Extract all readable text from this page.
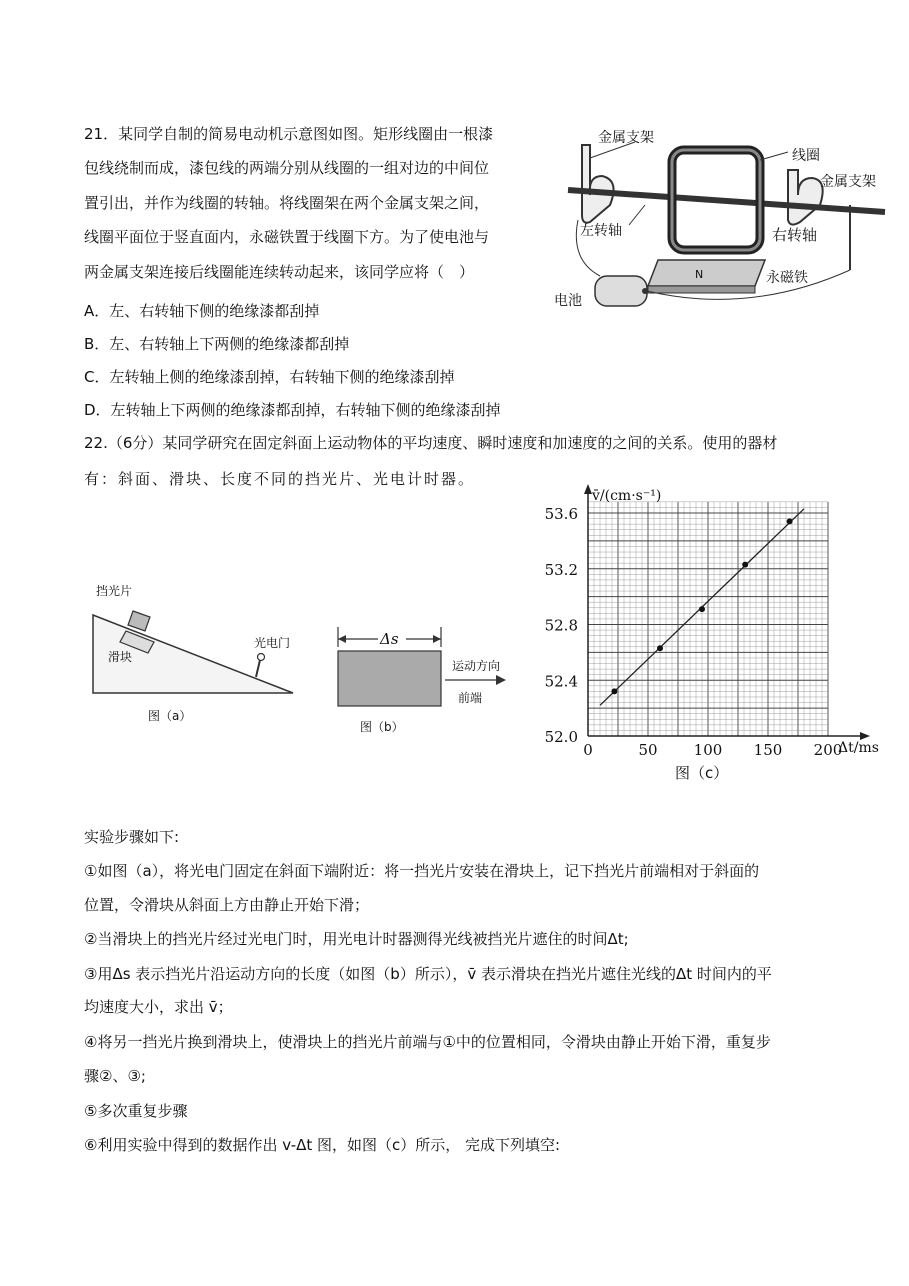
21．某同学自制的简易电动机示意图如图。矩形线圈由一根漆
包线绕制而成，漆包线的两端分别从线圈的一组对边的中间位
置引出，并作为线圈的转轴。将线圈架在两个金属支架之间，
线圈平面位于竖直面内，永磁铁置于线圈下方。为了使电池与
两金属支架连接后线圈能连续转动起来，该同学应将（　）
A．左、右转轴下侧的绝缘漆都刮掉
B．左、右转轴上下两侧的绝缘漆都刮掉
C．左转轴上侧的绝缘漆刮掉，右转轴下侧的绝缘漆刮掉
D．左转轴上下两侧的绝缘漆都刮掉，右转轴下侧的绝缘漆刮掉
金属支架
线圈
金属支架
左转轴	右转轴
N	永磁铁
电池
22.（6分）某同学研究在固定斜面上运动物体的平均速度、瞬时速度和加速度的之间的关系。使用的器材
有：斜面、滑块、长度不同的挡光片、光电计时器。
挡光片
滑块
光电门
图（a）
Δs
运动方向
前端
图（b）
0	50 100 150 200
52.0
52.4
52.8
53.2
53.6
v̄/(cm·s⁻¹)
Δt/ms
图（c）
实验步骤如下:
①如图（a），将光电门固定在斜面下端附近：将一挡光片安装在滑块上，记下挡光片前端相对于斜面的
位置，令滑块从斜面上方由静止开始下滑；
②当滑块上的挡光片经过光电门时，用光电计时器测得光线被挡光片遮住的时间Δt;
③用Δs 表示挡光片沿运动方向的长度（如图（b）所示），v̄ 表示滑块在挡光片遮住光线的Δt 时间内的平
均速度大小，求出 v̄；
④将另一挡光片换到滑块上，使滑块上的挡光片前端与①中的位置相同，令滑块由静止开始下滑，重复步
骤②、③;
⑤多次重复步骤
⑥利用实验中得到的数据作出 v-Δt 图，如图（c）所示， 完成下列填空:
